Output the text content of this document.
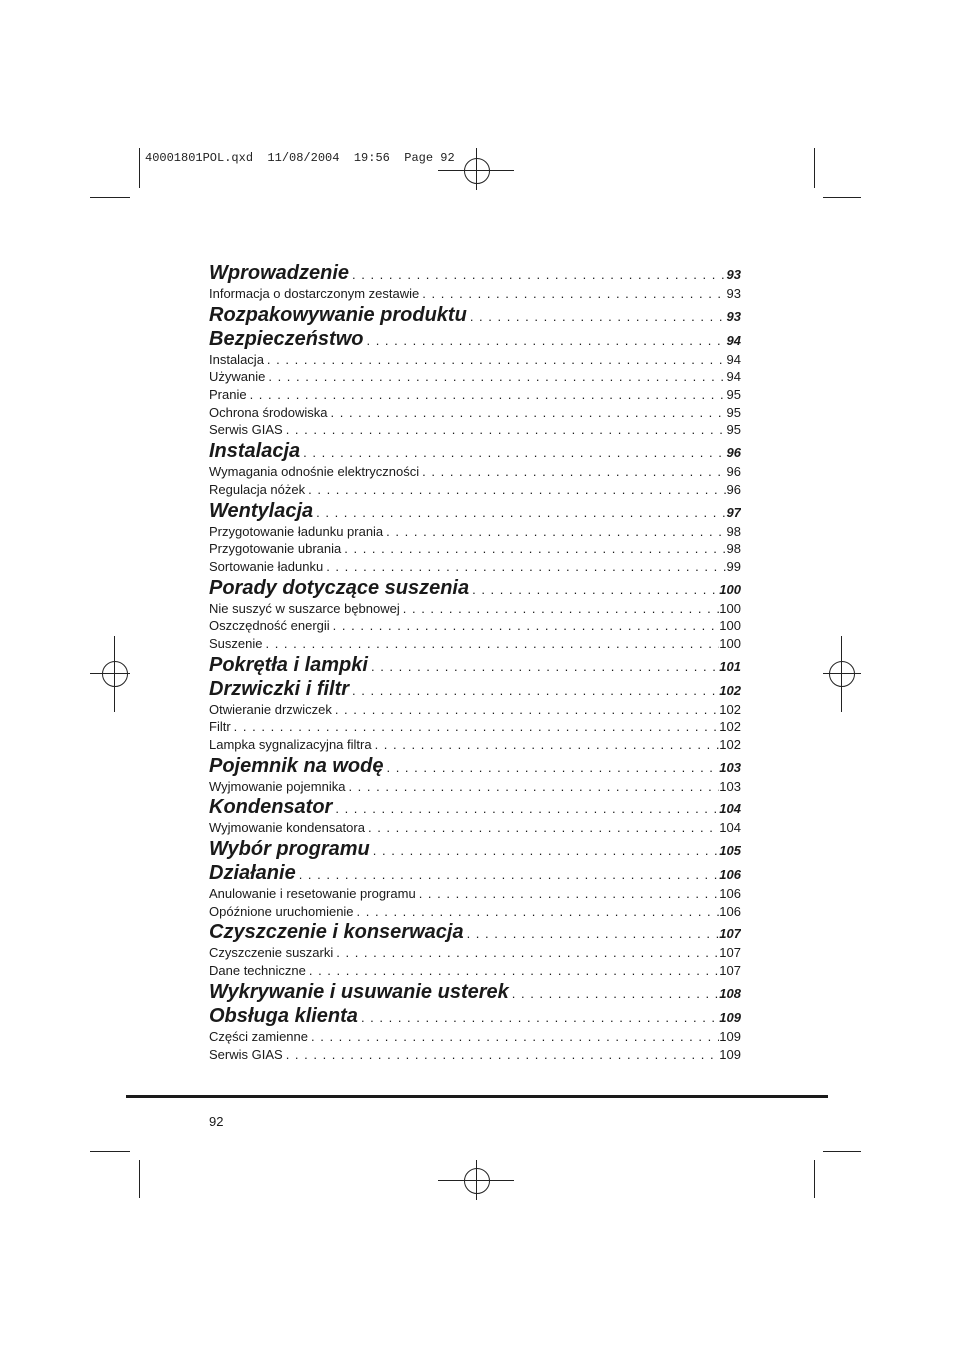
40001801POL.qxd  11/08/2004  19:56  Page 92
Wprowadzenie . . .	93
Informacja o dostarczonym zestawie . . .	93
Rozpakowywanie produktu . . .	93
Bezpieczeństwo . . .	94
Instalacja . . .	94
Używanie . . .	94
Pranie . . .	95
Ochrona środowiska . . .	95
Serwis GIAS . . .	95
Instalacja . . .	96
Wymagania odnośnie elektryczności . . .	96
Regulacja nóżek . . .	96
Wentylacja . . .	97
Przygotowanie ładunku prania . . .	98
Przygotowanie ubrania . . .	98
Sortowanie ładunku . . .	99
Porady dotyczące suszenia . . .	100
Nie suszyć w suszarce bębnowej . . .	100
Oszczędność energii . . .	100
Suszenie . . .	100
Pokrętła i lampki . . .	101
Drzwiczki i filtr . . .	102
Otwieranie drzwiczek . . .	102
Filtr . . .	102
Lampka sygnalizacyjna filtra . . .	102
Pojemnik na wodę . . .	103
Wyjmowanie pojemnika . . .	103
Kondensator . . .	104
Wyjmowanie kondensatora . . .	104
Wybór programu . . .	105
Działanie . . .	106
Anulowanie i resetowanie programu . . .	106
Opóźnione uruchomienie . . .	106
Czyszczenie i konserwacja . . .	107
Czyszczenie suszarki . . .	107
Dane techniczne . . .	107
Wykrywanie i usuwanie usterek . . .	108
Obsługa klienta . . .	109
Części zamienne . . .	109
Serwis GIAS . . .	109
92
